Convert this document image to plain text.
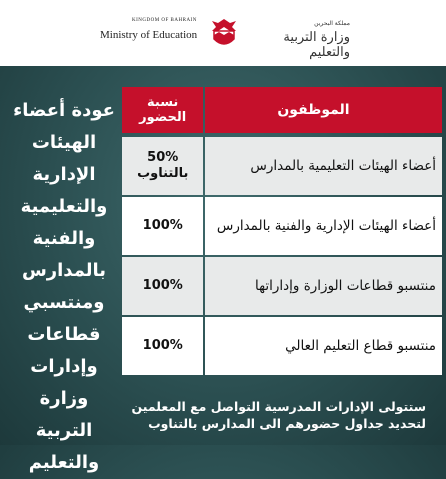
KINGDOM OF BAHRAIN
Ministry of Education
مملكة البحرين
وزارة التربية والتعليم
عودة أعضاء
الهيئات الإدارية
والتعليمية
والفنية
بالمدارس
ومنتسبي
قطاعات
وإدارات وزارة
التربية والتعليم
الموظفون
نسبة
الحضور
أعضاء الهيئات التعليمية بالمدارس
50%
بالتناوب
أعضاء الهيئات الإدارية والفنية بالمدارس
100%
منتسبو قطاعات الوزارة وإداراتها
100%
منتسبو قطاع التعليم العالي
100%
ستتولى الإدارات المدرسية التواصل مع المعلمين
لتحديد جداول حضورهم الى المدارس بالتناوب
